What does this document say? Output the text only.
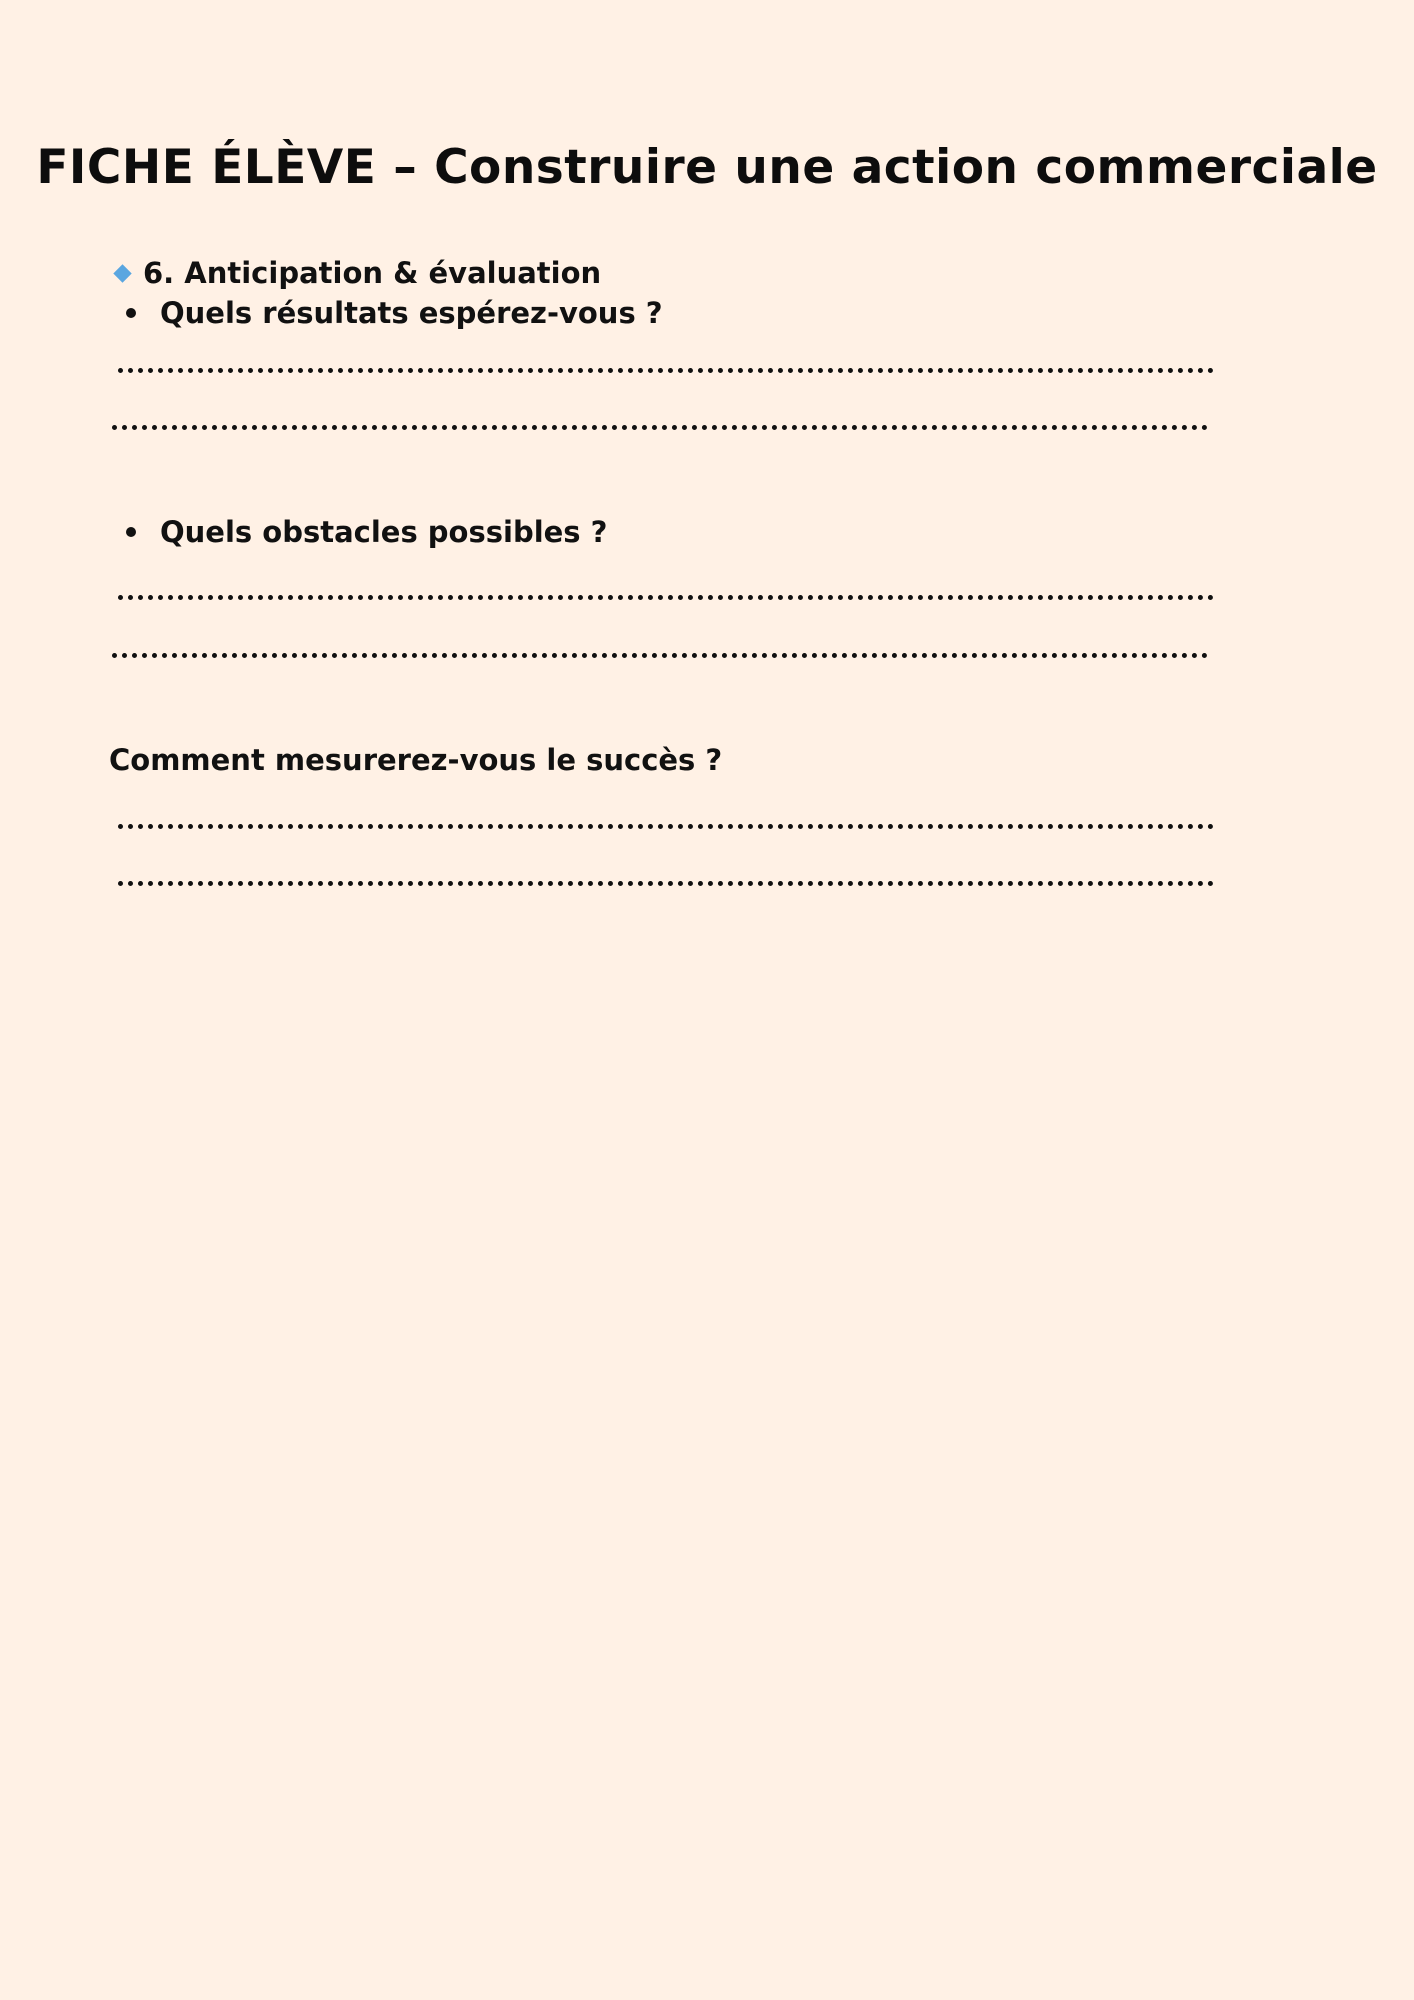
FICHE ÉLÈVE – Construire une action commerciale
6. Anticipation & évaluation
Quels résultats espérez-vous ?
Quels obstacles possibles ?
Comment mesurerez-vous le succès ?
